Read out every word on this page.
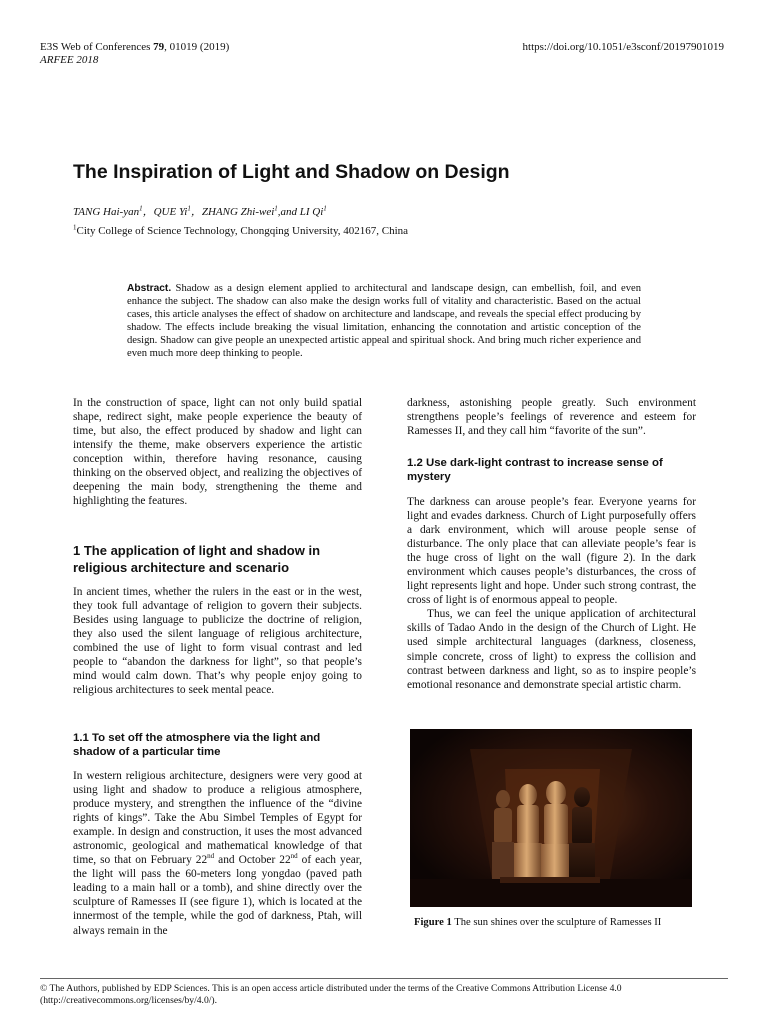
E3S Web of Conferences 79, 01019 (2019)
ARFEE 2018
https://doi.org/10.1051/e3sconf/20197901019
The Inspiration of Light and Shadow on Design
TANG Hai-yan$^1$，QUE Yi$^1$，ZHANG Zhi-wei$^1$,and LI Qi$^1$
$^1$City College of Science Technology, Chongqing University, 402167, China
Abstract. Shadow as a design element applied to architectural and landscape design, can embellish, foil, and even enhance the subject. The shadow can also make the design works full of vitality and characteristic. Based on the actual cases, this article analyses the effect of shadow on architecture and landscape, and reveals the special effect producing by shadow. The effects include breaking the visual limitation, enhancing the connotation and artistic conception of the design. Shadow can give people an unexpected artistic appeal and spiritual shock. And bring much richer experience and even much more deep thinking to people.
In the construction of space, light can not only build spatial shape, redirect sight, make people experience the beauty of time, but also, the effect produced by shadow and light can intensify the theme, make observers experience the artistic conception within, therefore having resonance, causing thinking on the observed object, and realizing the objectives of deepening the main body, strengthening the theme and highlighting the features.
1 The application of light and shadow in religious architecture and scenario
In ancient times, whether the rulers in the east or in the west, they took full advantage of religion to govern their subjects. Besides using language to publicize the doctrine of religion, they also used the silent language of religious architecture, combined the use of light to form visual contrast and led people to “abandon the darkness for light”, so that people’s mind would calm down. That’s why people enjoy going to religious architectures to seek mental peace.
1.1 To set off the atmosphere via the light and shadow of a particular time
In western religious architecture, designers were very good at using light and shadow to produce a religious atmosphere, produce mystery, and strengthen the influence of the “divine rights of kings”. Take the Abu Simbel Temples of Egypt for example. In design and construction, it uses the most advanced astronomic, geological and mathematical knowledge of that time, so that on February 22nd and October 22nd of each year, the light will pass the 60-meters long yongdao (paved path leading to a main hall or a tomb), and shine directly over the sculpture of Ramesses II (see figure 1), which is located at the innermost of the temple, while the god of darkness, Ptah, will always remain in the
darkness, astonishing people greatly. Such environment strengthens people’s feelings of reverence and esteem for Ramesses II, and they call him “favorite of the sun”.
1.2 Use dark-light contrast to increase sense of mystery

The darkness can arouse people’s fear. Everyone yearns for light and evades darkness. Church of Light purposefully offers a dark environment, which will arouse people sense of disturbance. The only place that can alleviate people’s fear is the huge cross of light on the wall (figure 2). In the dark environment which causes people’s disturbances, the cross of light represents light and hope. Under such strong contrast, the cross of light is of enormous appeal to people.

Thus, we can feel the unique application of architectural skills of Tadao Ando in the design of the Church of Light. He used simple architectural languages (darkness, closeness, simple concrete, cross of light) to express the collision and contrast between darkness and light, so as to inspire people’s emotional resonance and demonstrate special artistic charm.

Figure 1 The sun shines over the sculpture of Ramesses II
© The Authors, published by EDP Sciences. This is an open access article distributed under the terms of the Creative Commons Attribution License 4.0 (http://creativecommons.org/licenses/by/4.0/).
